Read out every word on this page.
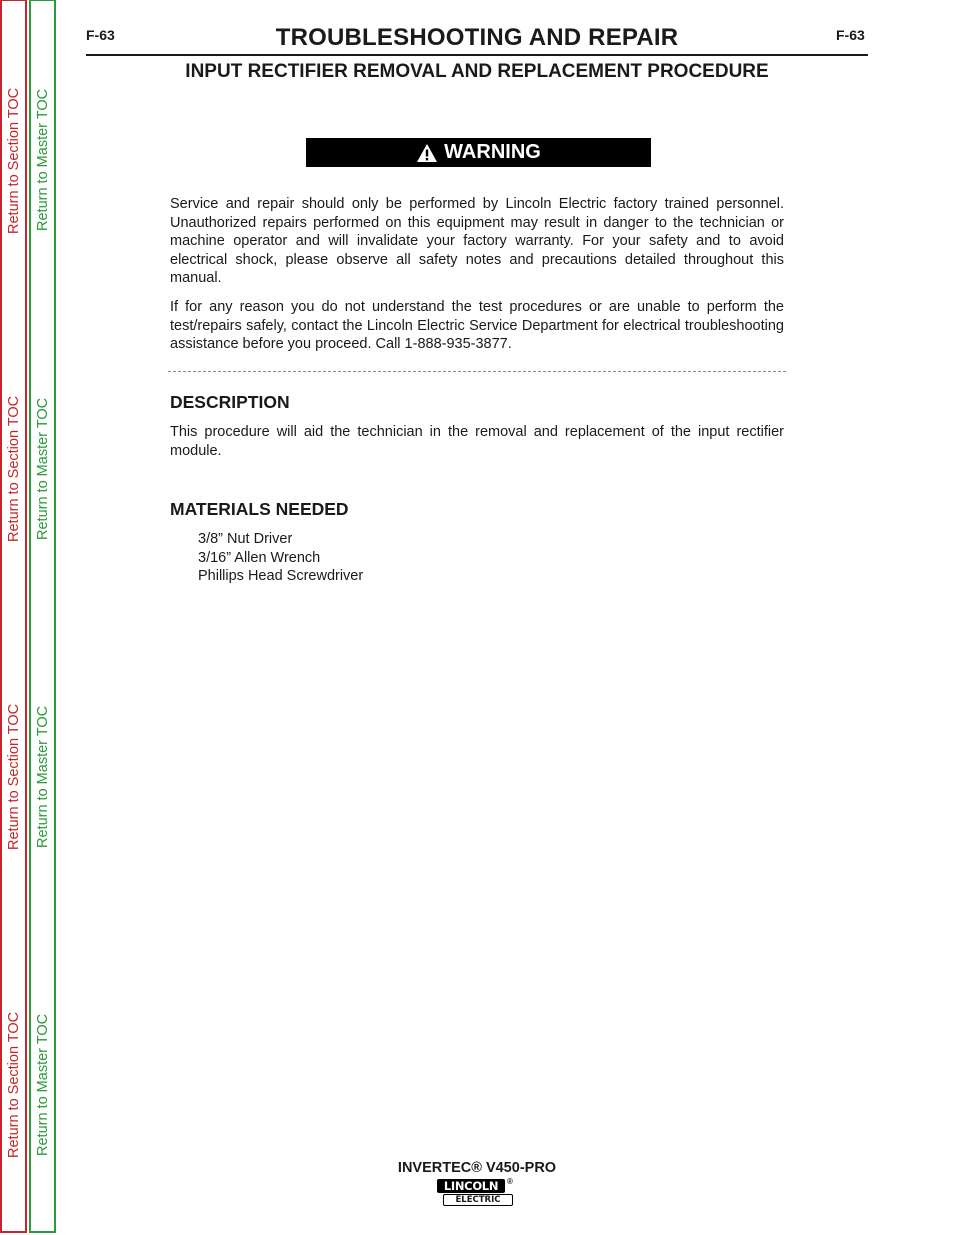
Return to Section TOC
Return to Section TOC
Return to Section TOC
Return to Section TOC
Return to Master TOC
Return to Master TOC
Return to Master TOC
Return to Master TOC
F-63	TROUBLESHOOTING AND REPAIR	F-63
INPUT RECTIFIER REMOVAL AND REPLACEMENT PROCEDURE
WARNING

Service and repair should only be performed by Lincoln Electric factory trained personnel. Unauthorized repairs performed on this equipment may result in danger to the technician or machine operator and will invalidate your factory warranty. For your safety and to avoid electrical shock, please observe all safety notes and precautions detailed throughout this manual.

If for any reason you do not understand the test procedures or are unable to perform the test/repairs safely, contact the Lincoln Electric Service Department for electrical troubleshooting assistance before you proceed. Call 1-888-935-3877.

DESCRIPTION

This procedure will aid the technician in the removal and replacement of the input rectifier module.

MATERIALS NEEDED
3/8” Nut Driver
3/16” Allen Wrench
Phillips Head Screwdriver
INVERTEC® V450-PRO
LINCOLN	®
ELECTRIC
